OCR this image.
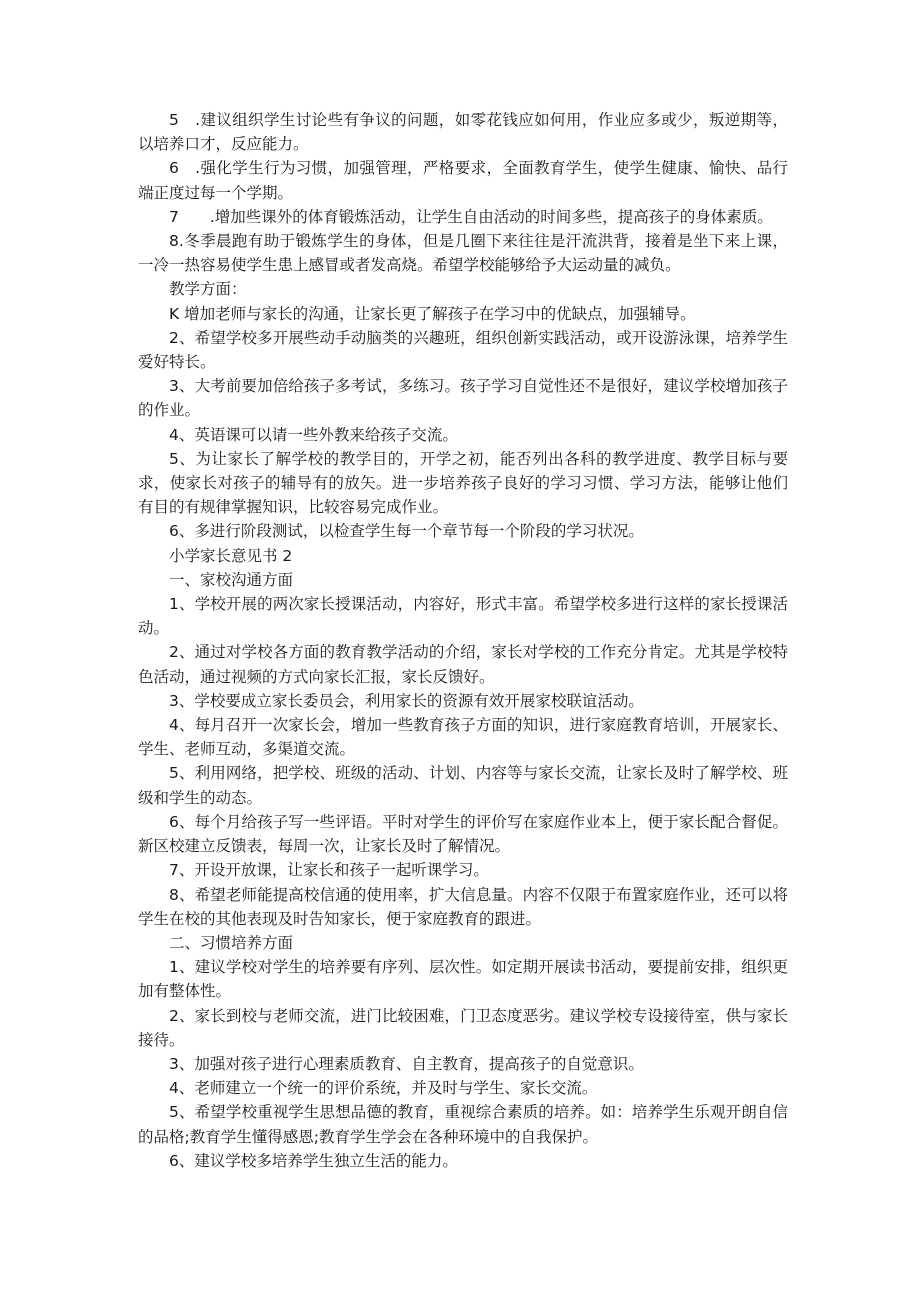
5　.建议组织学生讨论些有争议的问题，如零花钱应如何用，作业应多或少，叛逆期等，以培养口才，反应能力。

6　.强化学生行为习惯，加强管理，严格要求，全面教育学生，使学生健康、愉快、品行端正度过每一个学期。

7　　.增加些课外的体育锻炼活动，让学生自由活动的时间多些，提高孩子的身体素质。

8.冬季晨跑有助于锻炼学生的身体，但是几圈下来往往是汗流洪背，接着是坐下来上课，一冷一热容易使学生患上感冒或者发高烧。希望学校能够给予大运动量的减负。

教学方面：

K 增加老师与家长的沟通，让家长更了解孩子在学习中的优缺点，加强辅导。

2、希望学校多开展些动手动脑类的兴趣班，组织创新实践活动，或开设游泳课，培养学生爱好特长。

3、大考前要加倍给孩子多考试，多练习。孩子学习自觉性还不是很好，建议学校增加孩子的作业。

4、英语课可以请一些外教来给孩子交流。

5、为让家长了解学校的教学目的，开学之初，能否列出各科的教学进度、教学目标与要求，使家长对孩子的辅导有的放矢。进一步培养孩子良好的学习习惯、学习方法，能够让他们有目的有规律掌握知识，比较容易完成作业。

6、多进行阶段测试，以检查学生每一个章节每一个阶段的学习状况。

小学家长意见书 2

一、家校沟通方面

1、学校开展的两次家长授课活动，内容好，形式丰富。希望学校多进行这样的家长授课活动。

2、通过对学校各方面的教育教学活动的介绍，家长对学校的工作充分肯定。尤其是学校特色活动，通过视频的方式向家长汇报，家长反馈好。

3、学校要成立家长委员会，利用家长的资源有效开展家校联谊活动。

4、每月召开一次家长会，增加一些教育孩子方面的知识，进行家庭教育培训，开展家长、学生、老师互动，多渠道交流。

5、利用网络，把学校、班级的活动、计划、内容等与家长交流，让家长及时了解学校、班级和学生的动态。

6、每个月给孩子写一些评语。平时对学生的评价写在家庭作业本上，便于家长配合督促。新区校建立反馈表，每周一次，让家长及时了解情况。

7、开设开放课，让家长和孩子一起听课学习。

8、希望老师能提高校信通的使用率，扩大信息量。内容不仅限于布置家庭作业，还可以将学生在校的其他表现及时告知家长，便于家庭教育的跟进。

二、习惯培养方面

1、建议学校对学生的培养要有序列、层次性。如定期开展读书活动，要提前安排，组织更加有整体性。

2、家长到校与老师交流，进门比较困难，门卫态度恶劣。建议学校专设接待室，供与家长接待。

3、加强对孩子进行心理素质教育、自主教育，提高孩子的自觉意识。

4、老师建立一个统一的评价系统，并及时与学生、家长交流。

5、希望学校重视学生思想品德的教育，重视综合素质的培养。如：培养学生乐观开朗自信的品格;教育学生懂得感恩;教育学生学会在各种环境中的自我保护。

6、建议学校多培养学生独立生活的能力。
